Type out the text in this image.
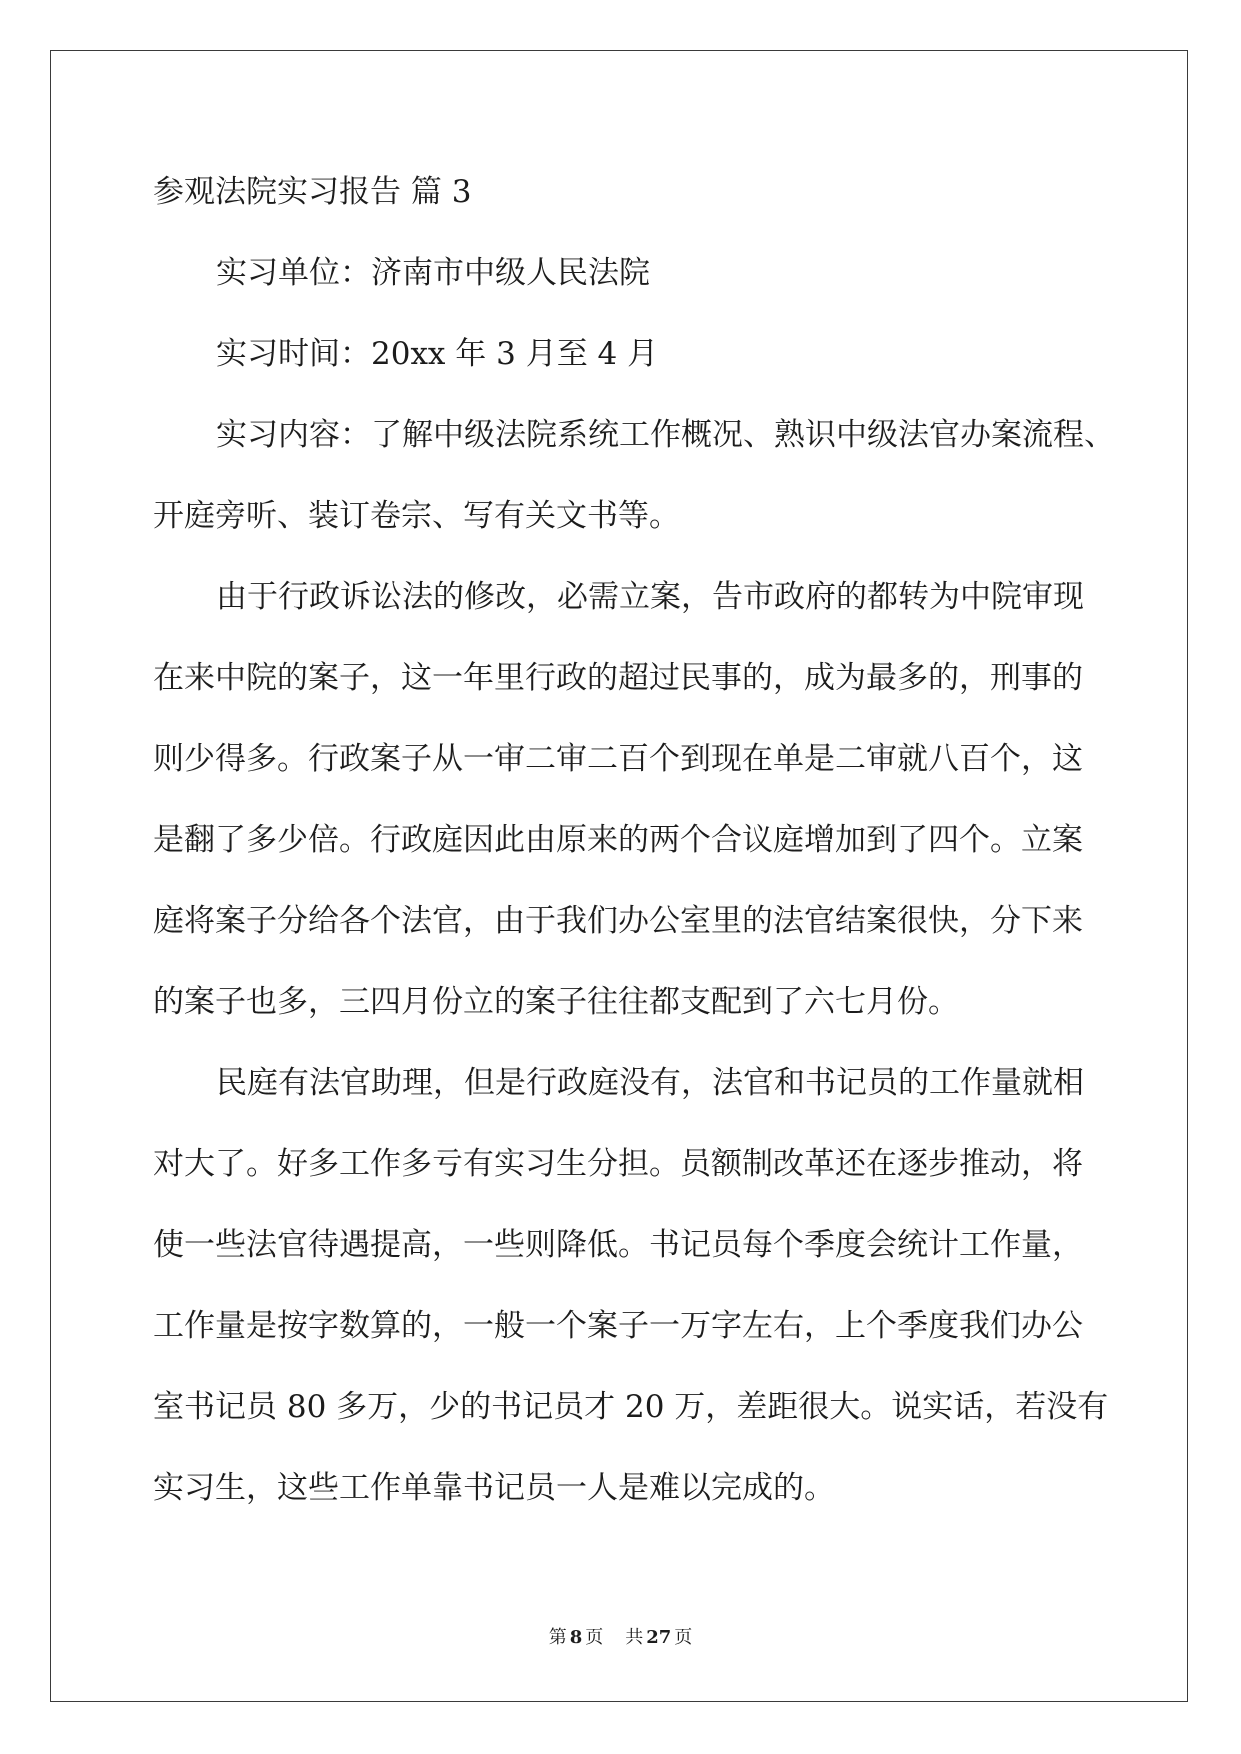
参观法院实习报告 篇 3
实习单位：济南市中级人民法院
实习时间：20xx 年 3 月至 4 月
实习内容：了解中级法院系统工作概况、熟识中级法官办案流程、
开庭旁听、装订卷宗、写有关文书等。
由于行政诉讼法的修改，必需立案，告市政府的都转为中院审现
在来中院的案子，这一年里行政的超过民事的，成为最多的，刑事的
则少得多。行政案子从一审二审二百个到现在单是二审就八百个，这
是翻了多少倍。行政庭因此由原来的两个合议庭增加到了四个。立案
庭将案子分给各个法官，由于我们办公室里的法官结案很快，分下来
的案子也多，三四月份立的案子往往都支配到了六七月份。
民庭有法官助理，但是行政庭没有，法官和书记员的工作量就相
对大了。好多工作多亏有实习生分担。员额制改革还在逐步推动，将
使一些法官待遇提高，一些则降低。书记员每个季度会统计工作量，
工作量是按字数算的，一般一个案子一万字左右，上个季度我们办公
室书记员 80 多万，少的书记员才 20 万，差距很大。说实话，若没有
实习生，这些工作单靠书记员一人是难以完成的。
第 8 页 共 27 页
